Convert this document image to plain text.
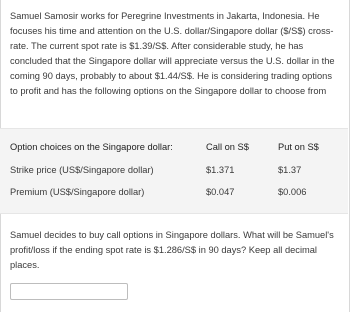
Samuel Samosir works for Peregrine Investments in Jakarta, Indonesia. He focuses his time and attention on the U.S. dollar/Singapore dollar ($/S$) cross-rate. The current spot rate is $1.39/S$. After considerable study, he has concluded that the Singapore dollar will appreciate versus the U.S. dollar in the coming 90 days, probably to about $1.44/S$. He is considering trading options to profit and has the following options on the Singapore dollar to choose from
Option choices on the Singapore dollar:	Call on S$	Put on S$
Strike price (US$/Singapore dollar)	$1.371	$1.37
Premium (US$/Singapore dollar)	$0.047	$0.006
Samuel decides to buy call options in Singapore dollars. What will be Samuel's profit/loss if the ending spot rate is $1.286/S$ in 90 days? Keep all decimal places.
